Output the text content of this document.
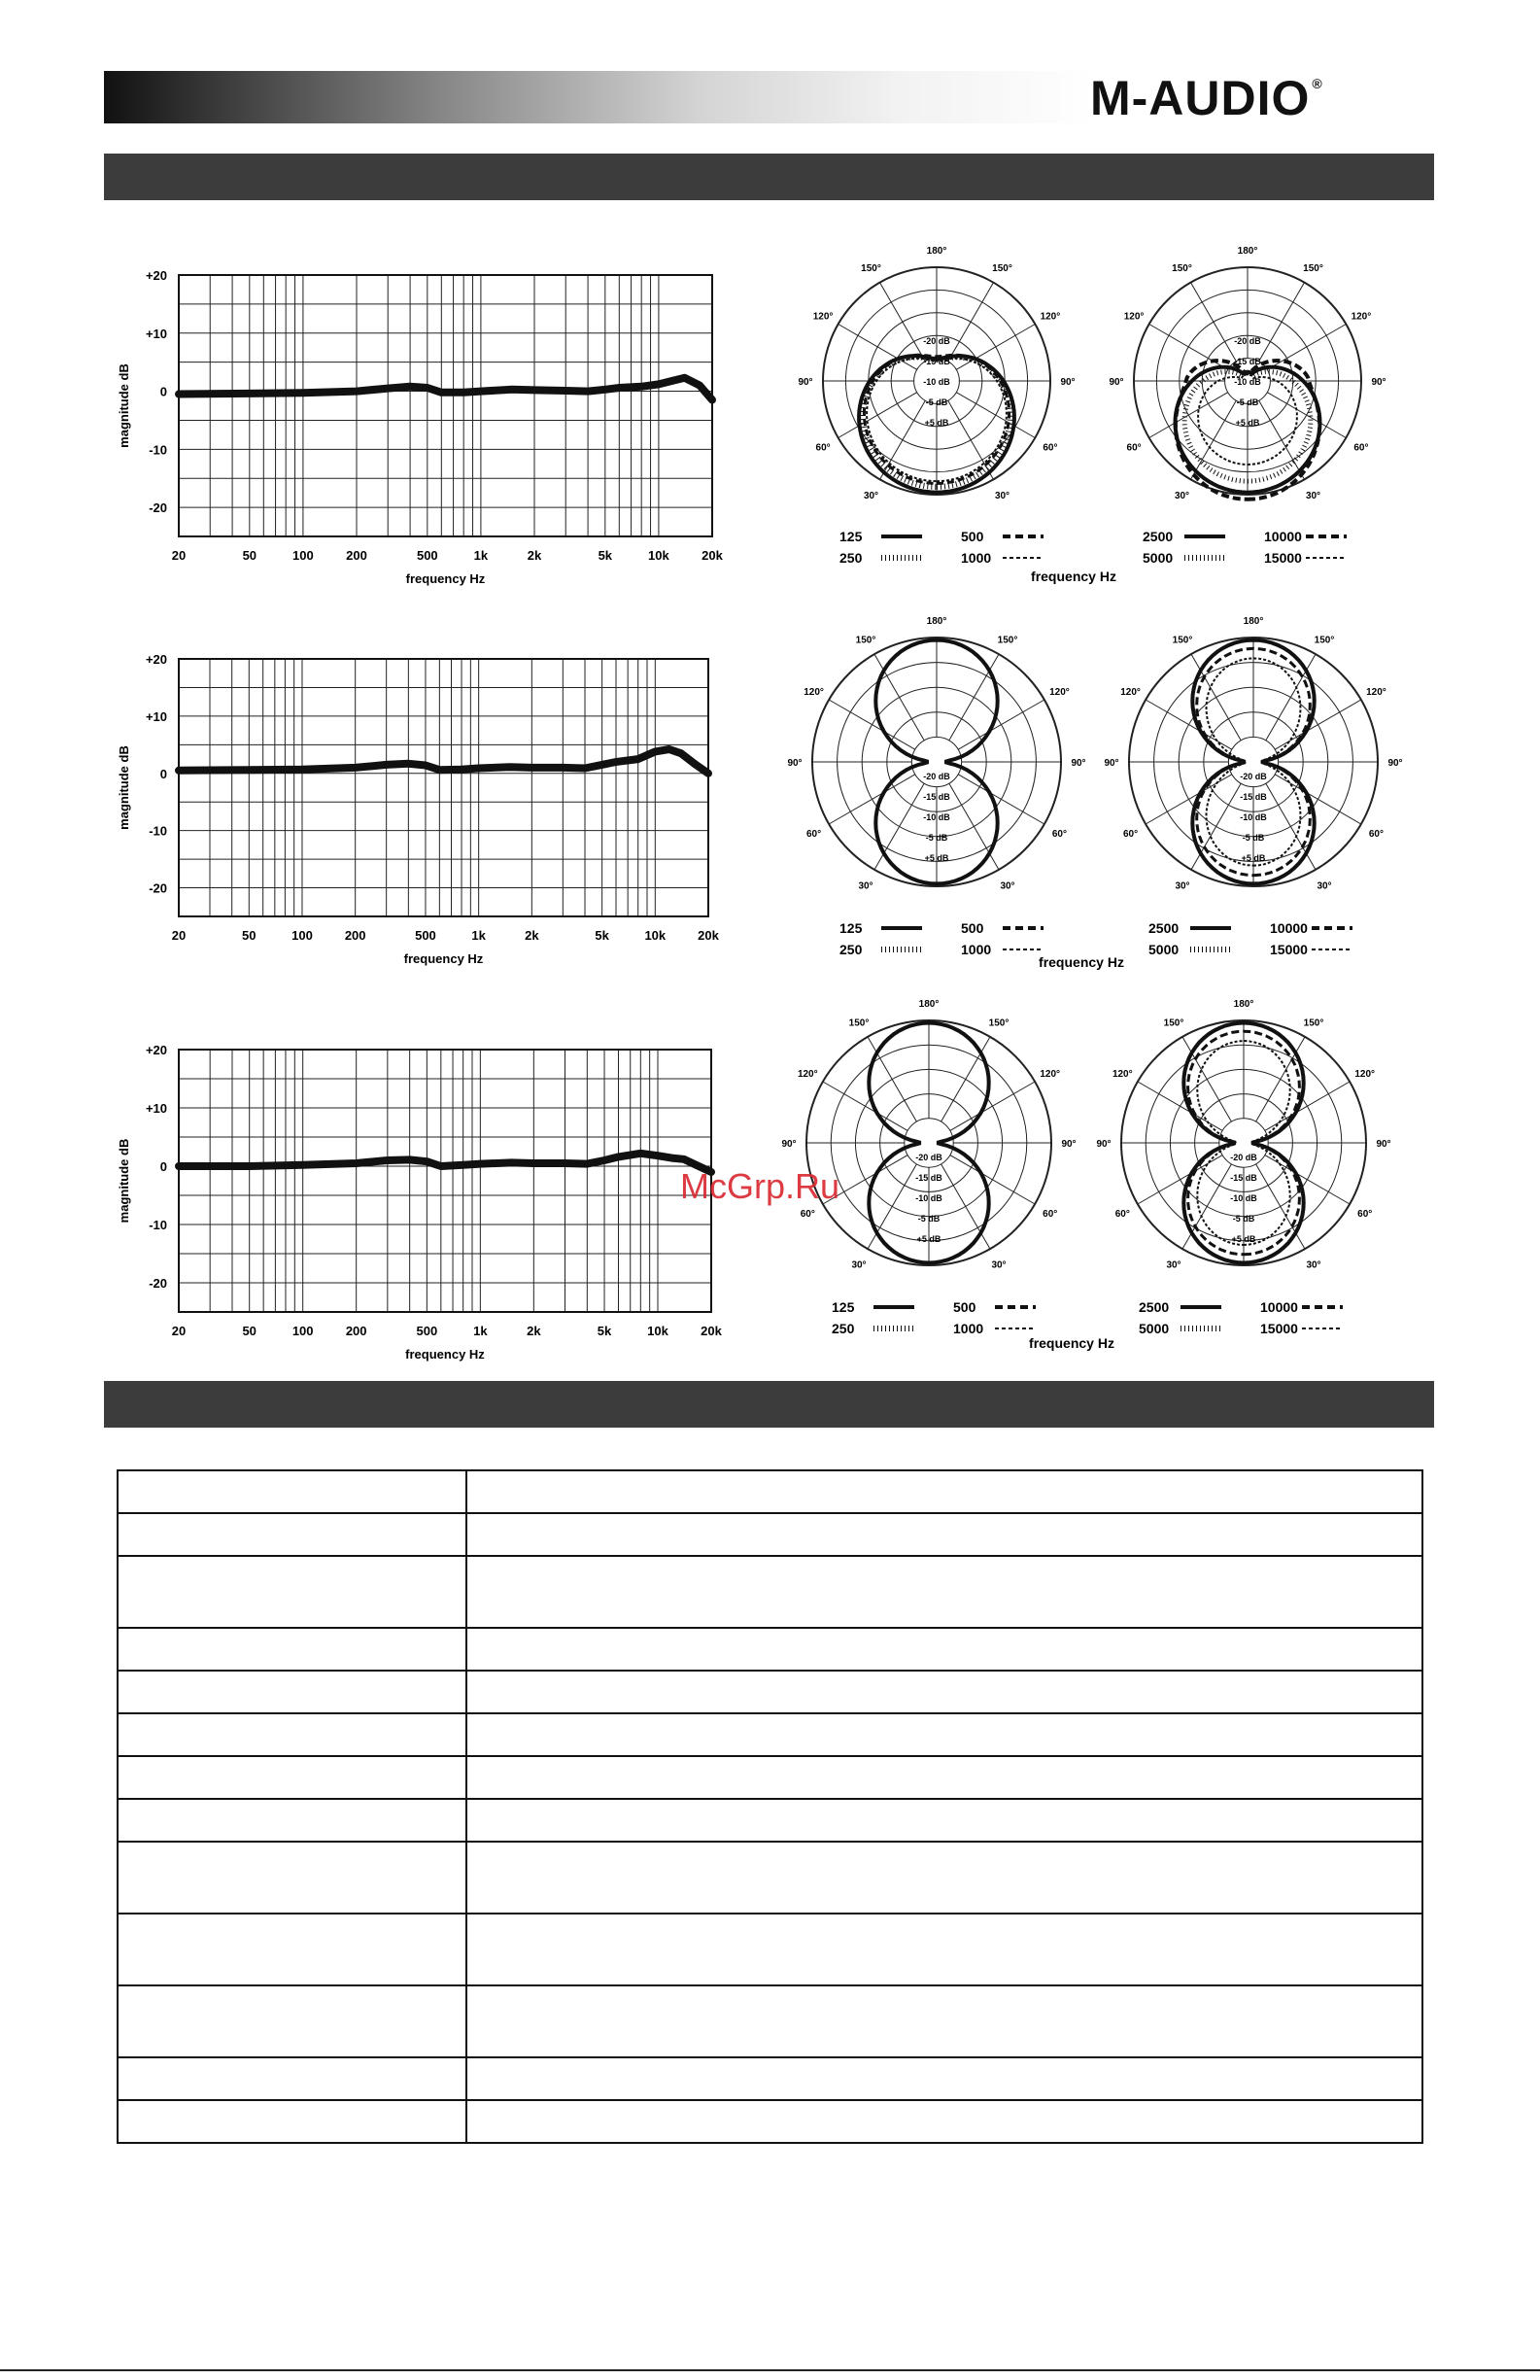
M-AUDIO ®
+20
+10
0
-10
-20
20	50	100	200	500	1k	2k	5k	10k	20k
frequency Hz
magnitude dB
+20
+10
0
-10
-20
20	50	100	200	500	1k	2k	5k	10k	20k
frequency Hz
magnitude dB
+20
+10
0
-10
-20
20	50	100	200	500	1k	2k	5k	10k	20k
frequency Hz
magnitude dB
180°
150°
150°
120°
120°
90°
90°
60°
60°
30°
30°
-20 dB
-15 dB
-10 dB
-5 dB
+5 dB
125
250
500
1000
180°
150°
150°
120°
120°
90°
90°
60°
60°
30°
30°
-20 dB
-15 dB
-10 dB
-5 dB
+5 dB
2500
5000
10000
15000
180°
150°
150°
120°
120°
90°
90°
60°
60°
30°
30°
-20 dB
-15 dB
-10 dB
-5 dB
+5 dB
125
250
500
1000
180°
150°
150°
120°
120°
90°
90°
60°
60°
30°
30°
-20 dB
-15 dB
-10 dB
-5 dB
+5 dB
2500
5000
10000
15000
180°
150°
150°
120°
120°
90°
90°
60°
60°
30°
30°
-20 dB
-15 dB
-10 dB
-5 dB
+5 dB
125
250
500
1000
180°
150°
150°
120°
120°
90°
90°
60°
60°
30°
30°
-20 dB
-15 dB
-10 dB
-5 dB
+5 dB
2500
5000
10000
15000
frequency Hz
frequency Hz
frequency Hz

McGrp.Ru
